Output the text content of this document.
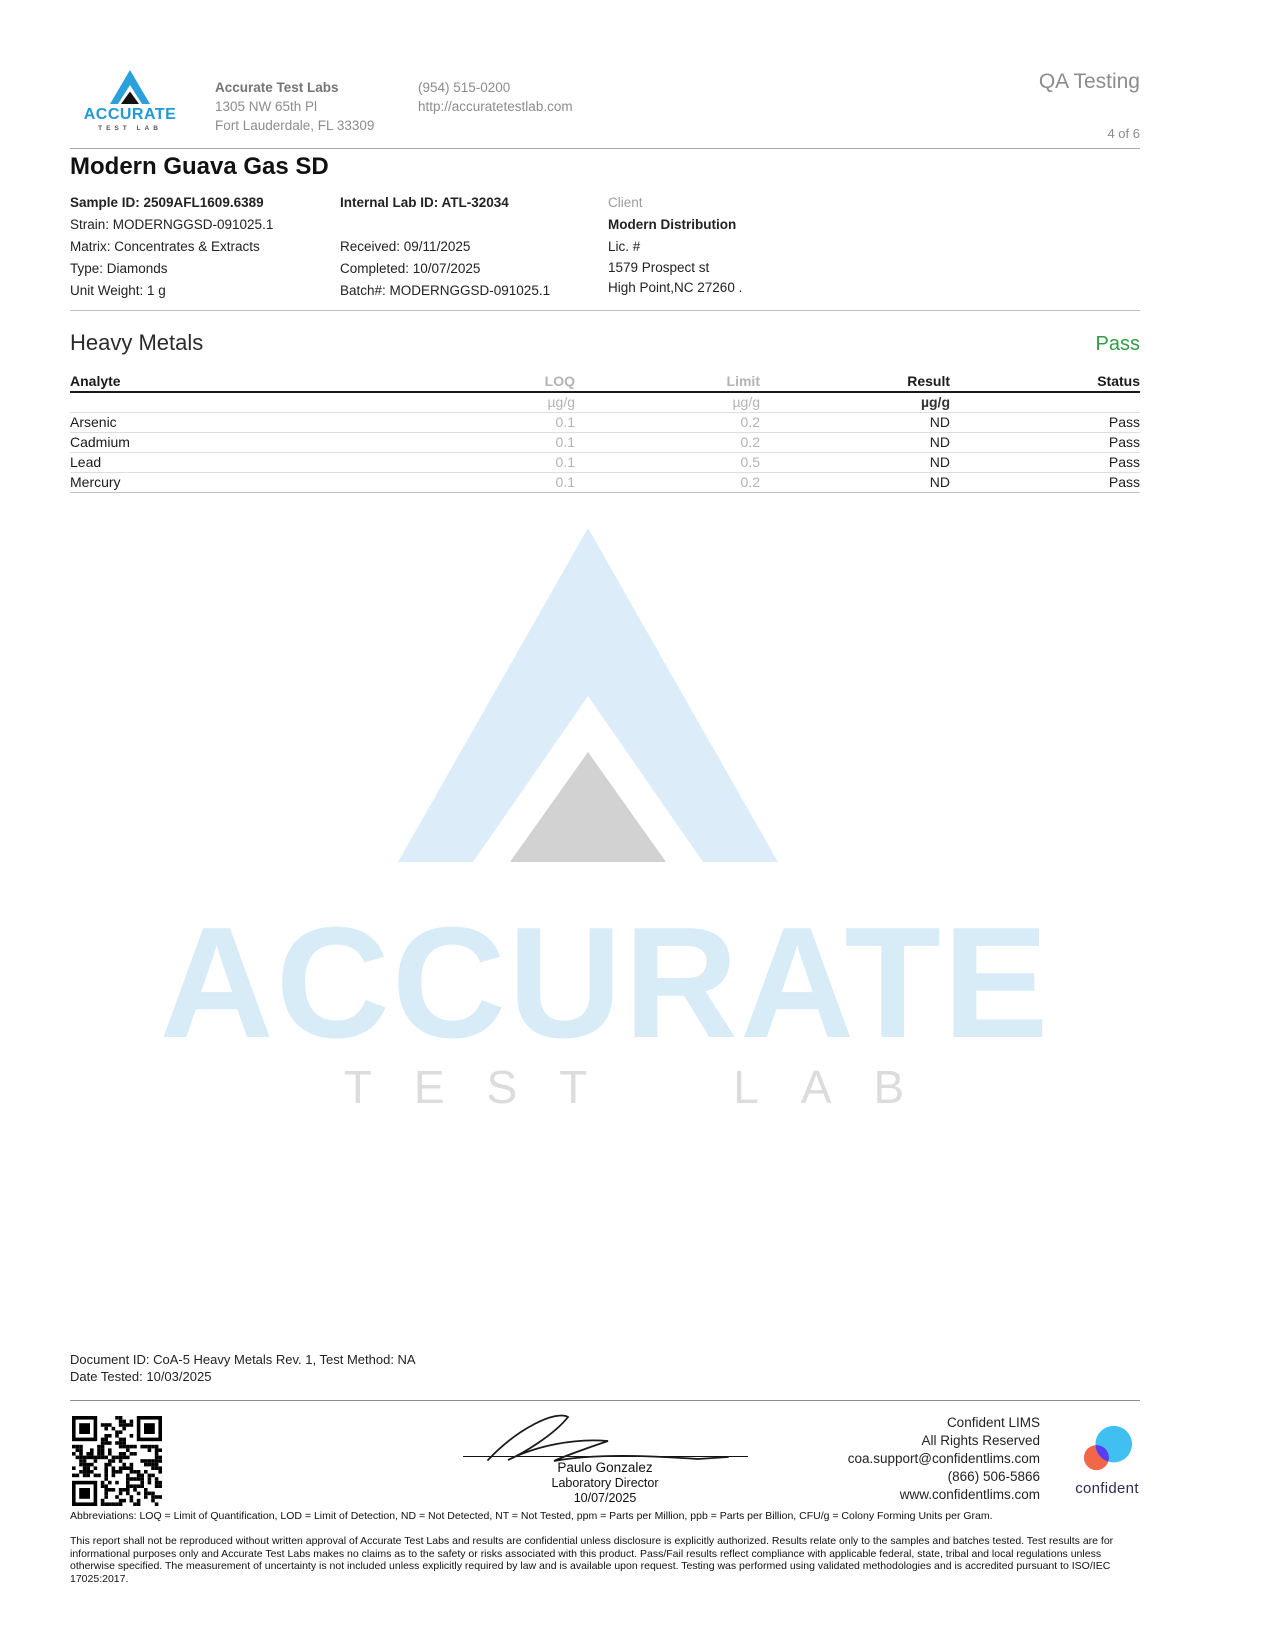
ACCURATE
TEST LAB
ACCURATE
TEST LAB
Accurate Test Labs
1305 NW 65th Pl
Fort Lauderdale, FL 33309
(954) 515-0200
http://accuratetestlab.com
QA Testing
4 of 6
Modern Guava Gas SD
Sample ID: 2509AFL1609.6389
Strain: MODERNGGSD-091025.1
Matrix: Concentrates & Extracts
Type: Diamonds
Unit Weight: 1 g
Internal Lab ID: ATL-32034

Received: 09/11/2025
Completed: 10/07/2025
Batch#: MODERNGGSD-091025.1
Client
Modern Distribution
Lic. #
1579 Prospect st
High Point,NC 27260 .
Heavy Metals	Pass
Analyte	LOQ	Limit	Result	Status
	µg/g	µg/g	µg/g	
Arsenic	0.1	0.2	ND	Pass
Cadmium	0.1	0.2	ND	Pass
Lead	0.1	0.5	ND	Pass
Mercury	0.1	0.2	ND	Pass
Document ID: CoA-5 Heavy Metals Rev. 1, Test Method: NA
Date Tested: 10/03/2025
Paulo Gonzalez
Laboratory Director
10/07/2025
Confident LIMS
All Rights Reserved
coa.support@confidentlims.com
(866) 506-5866
www.confidentlims.com	confident
Abbreviations: LOQ = Limit of Quantification, LOD = Limit of Detection, ND = Not Detected, NT = Not Tested, ppm = Parts per Million, ppb = Parts per Billion, CFU/g = Colony Forming Units per Gram.
This report shall not be reproduced without written approval of Accurate Test Labs and results are confidential unless disclosure is explicitly authorized. Results relate only to the samples and batches tested. Test results are for informational purposes only and Accurate Test Labs makes no claims as to the safety or risks associated with this product. Pass/Fail results reflect compliance with applicable federal, state, tribal and local regulations unless otherwise specified. The measurement of uncertainty is not included unless explicitly required by law and is available upon request. Testing was performed using validated methodologies and is accredited pursuant to ISO/IEC 17025:2017.
